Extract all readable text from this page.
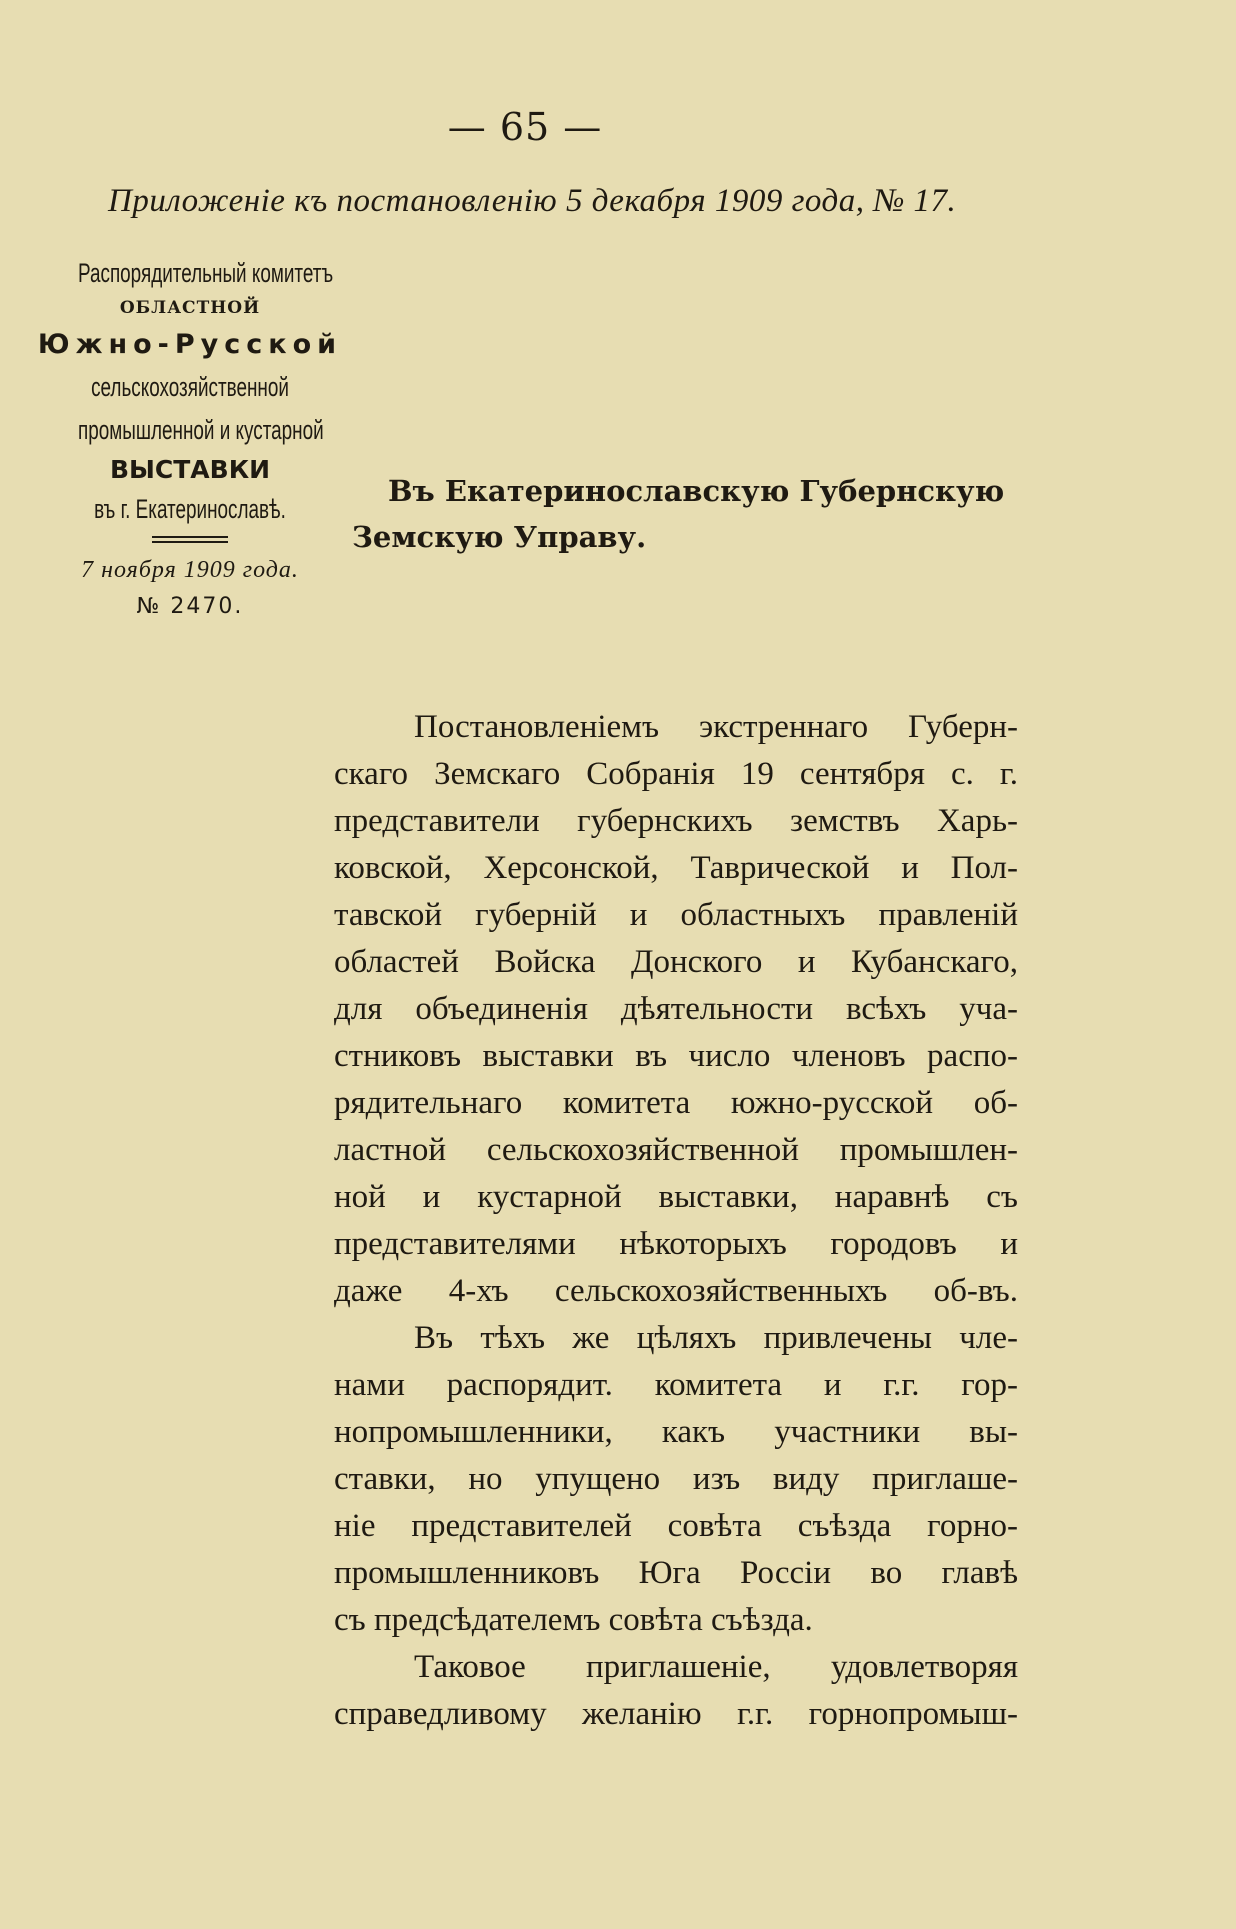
— 65 —
Приложеніе къ постановленію 5 декабря 1909 года, № 17.
Распорядительный комитетъ
ОБЛАСТНОЙ
Южно-Русской
сельскохозяйственной
промышленной и кустарной
ВЫСТАВКИ
въ г. Екатеринославѣ.
7 ноября 1909 года.
№ 2470.
Въ Екатеринославскую Губернскую
Земскую Управу.

Постановленіемъ экстреннаго Губерн-
скаго Земскаго Собранія 19 сентября с. г.
представители губернскихъ земствъ Харь-
ковской, Херсонской, Таврической и Пол-
тавской губерній и областныхъ правленій
областей Войска Донского и Кубанскаго,
для объединенія дѣятельности всѣхъ уча-
стниковъ выставки въ число членовъ распо-
рядительнаго комитета южно-русской об-
ластной сельскохозяйственной промышлен-
ной и кустарной выставки, наравнѣ съ
представителями нѣкоторыхъ городовъ и
даже 4-хъ сельскохозяйственныхъ об-въ.

Въ тѣхъ же цѣляхъ привлечены чле-
нами распорядит. комитета и г.г. гор-
нопромышленники, какъ участники вы-
ставки, но упущено изъ виду приглаше-
ніе представителей совѣта съѣзда горно-
промышленниковъ Юга Россіи во главѣ
съ предсѣдателемъ совѣта съѣзда.

Таковое приглашеніе, удовлетворяя
справедливому желанію г.г. горнопромыш-
